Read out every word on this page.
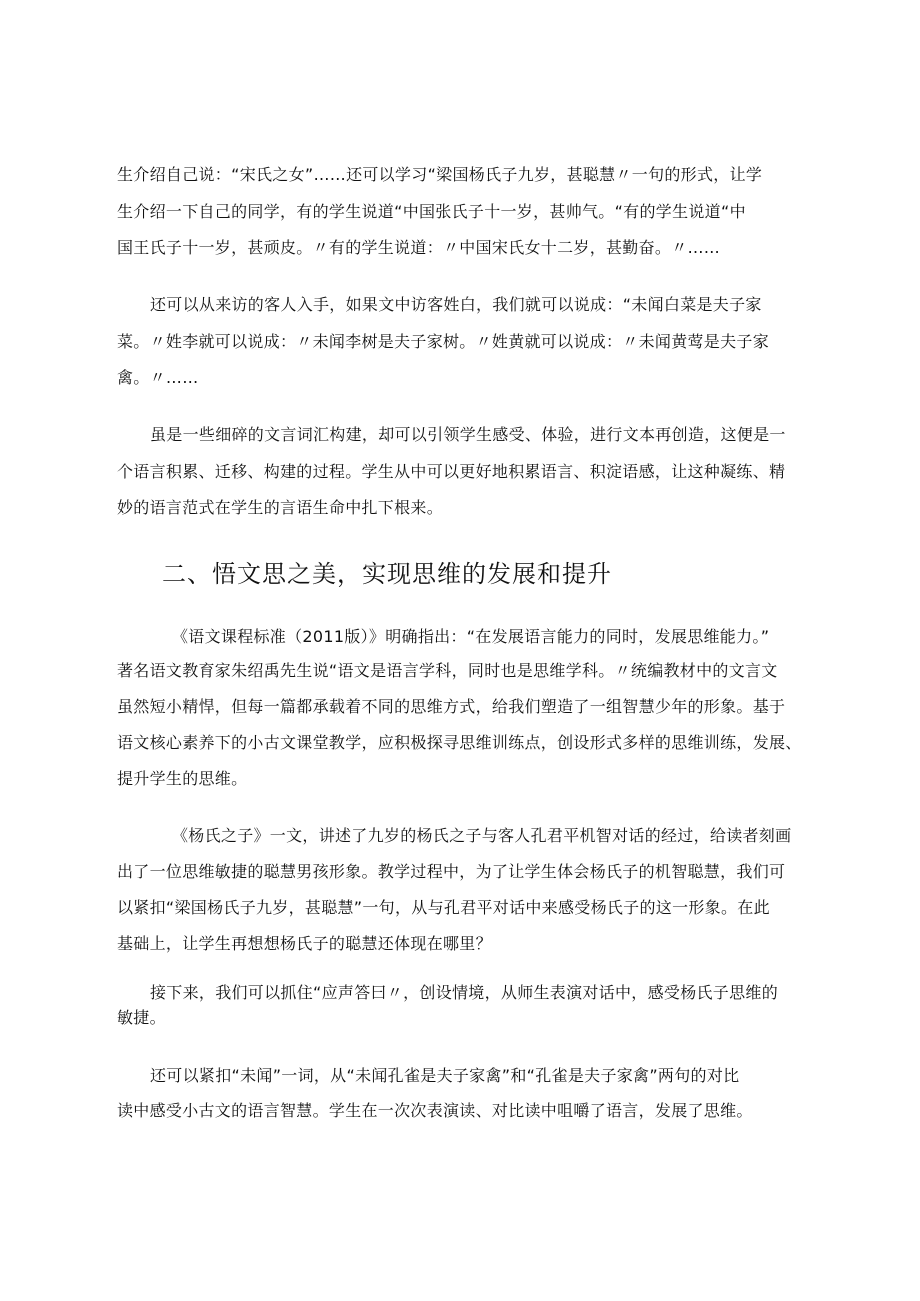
生介绍自己说：“宋氏之女”……还可以学习“梁国杨氏子九岁，甚聪慧〃一句的形式，让学
生介绍一下自己的同学，有的学生说道“中国张氏子十一岁，甚帅气。“有的学生说道“中
国王氏子十一岁，甚顽皮。〃有的学生说道：〃中国宋氏女十二岁，甚勤奋。〃……
还可以从来访的客人入手，如果文中访客姓白，我们就可以说成：“未闻白菜是夫子家
菜。〃姓李就可以说成：〃未闻李树是夫子家树。〃姓黄就可以说成：〃未闻黄莺是夫子家
禽。〃……
虽是一些细碎的文言词汇构建，却可以引领学生感受、体验，进行文本再创造，这便是一
个语言积累、迁移、构建的过程。学生从中可以更好地积累语言、积淀语感，让这种凝练、精
妙的语言范式在学生的言语生命中扎下根来。
二、悟文思之美，实现思维的发展和提升
《语文课程标准（2011版）》明确指出：“在发展语言能力的同时，发展思维能力。”
著名语文教育家朱绍禹先生说“语文是语言学科，同时也是思维学科。〃统编教材中的文言文
虽然短小精悍，但每一篇都承载着不同的思维方式，给我们塑造了一组智慧少年的形象。基于
语文核心素养下的小古文课堂教学，应积极探寻思维训练点，创设形式多样的思维训练，发展、
提升学生的思维。
《杨氏之子》一文，讲述了九岁的杨氏之子与客人孔君平机智对话的经过，给读者刻画
出了一位思维敏捷的聪慧男孩形象。教学过程中，为了让学生体会杨氏子的机智聪慧，我们可
以紧扣“梁国杨氏子九岁，甚聪慧”一句，从与孔君平对话中来感受杨氏子的这一形象。在此
基础上，让学生再想想杨氏子的聪慧还体现在哪里？
接下来，我们可以抓住“应声答曰〃，创设情境，从师生表演对话中，感受杨氏子思维的
敏捷。
还可以紧扣“未闻”一词，从“未闻孔雀是夫子家禽”和“孔雀是夫子家禽”两句的对比
读中感受小古文的语言智慧。学生在一次次表演读、对比读中咀嚼了语言，发展了思维。
